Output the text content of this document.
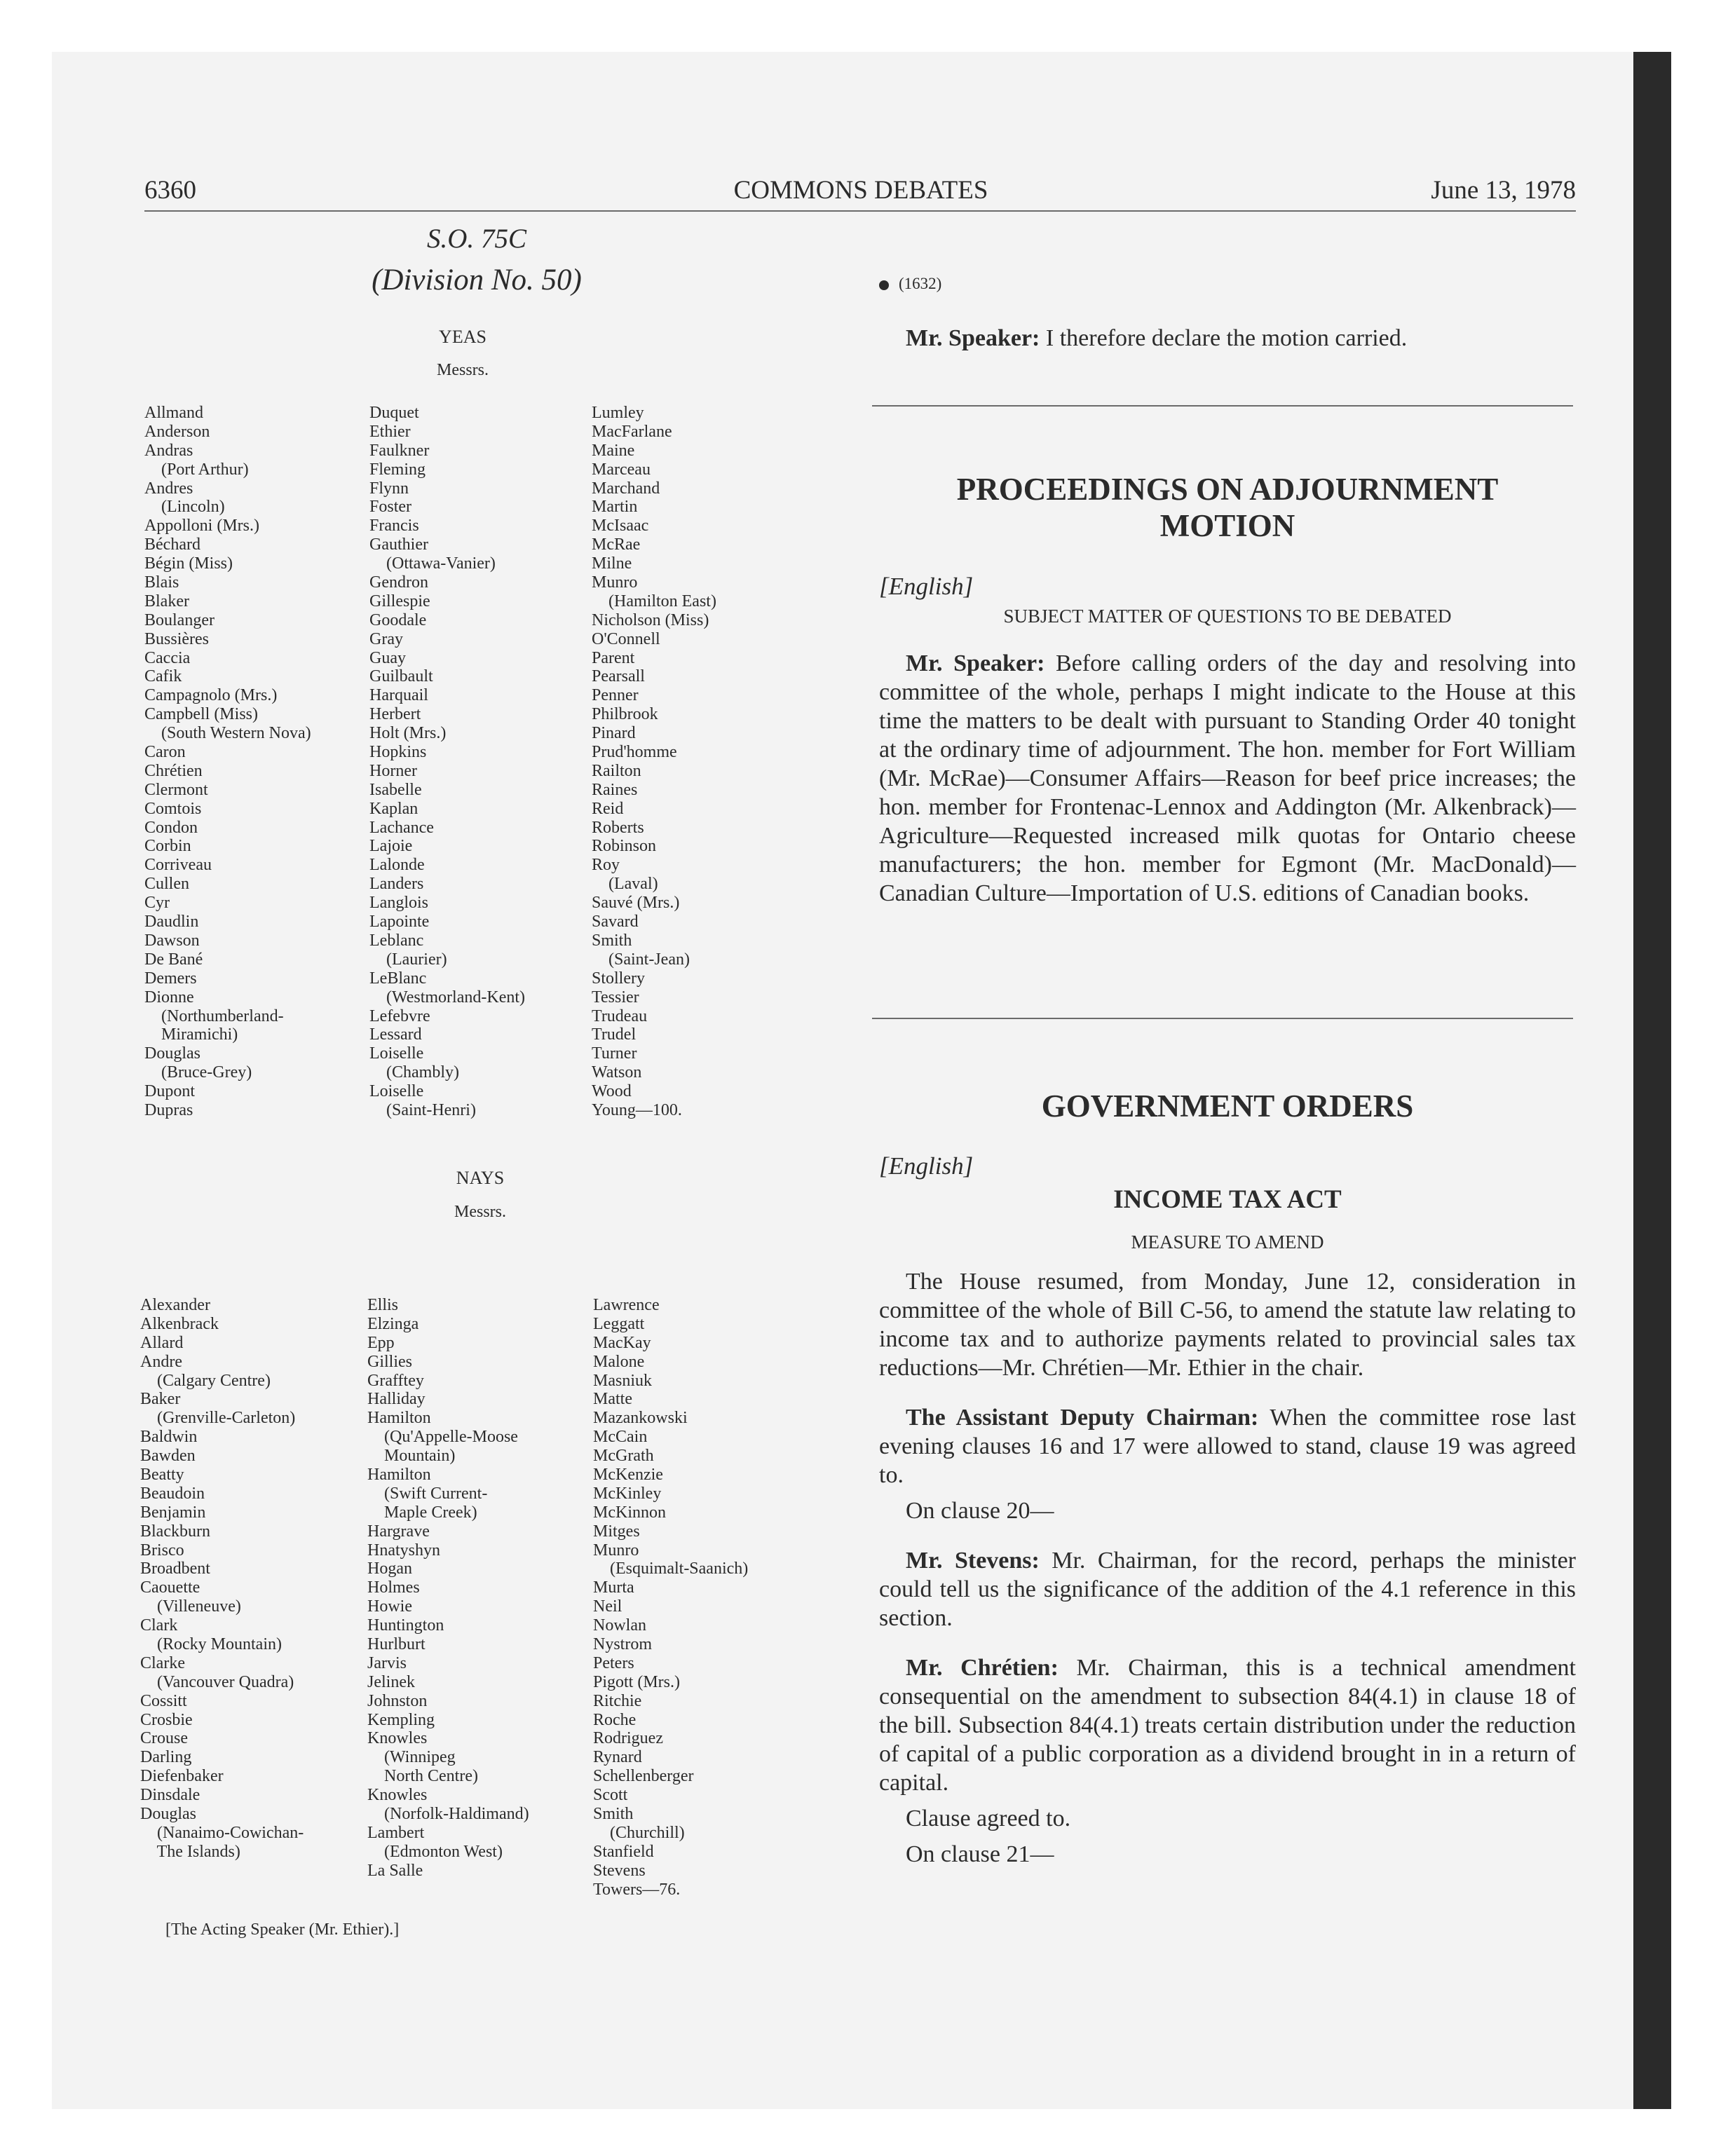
6360	COMMONS DEBATES	June 13, 1978
S.O. 75C
(Division No. 50)
YEAS
Messrs.
Allmand
Anderson
Andras
(Port Arthur)
Andres
(Lincoln)
Appolloni (Mrs.)
Béchard
Bégin (Miss)
Blais
Blaker
Boulanger
Bussières
Caccia
Cafik
Campagnolo (Mrs.)
Campbell (Miss)
(South Western Nova)
Caron
Chrétien
Clermont
Comtois
Condon
Corbin
Corriveau
Cullen
Cyr
Daudlin
Dawson
De Bané
Demers
Dionne
(Northumberland-
Miramichi)
Douglas
(Bruce-Grey)
Dupont
Dupras
Duquet
Ethier
Faulkner
Fleming
Flynn
Foster
Francis
Gauthier
(Ottawa-Vanier)
Gendron
Gillespie
Goodale
Gray
Guay
Guilbault
Harquail
Herbert
Holt (Mrs.)
Hopkins
Horner
Isabelle
Kaplan
Lachance
Lajoie
Lalonde
Landers
Langlois
Lapointe
Leblanc
(Laurier)
LeBlanc
(Westmorland-Kent)
Lefebvre
Lessard
Loiselle
(Chambly)
Loiselle
(Saint-Henri)
Lumley
MacFarlane
Maine
Marceau
Marchand
Martin
McIsaac
McRae
Milne
Munro
(Hamilton East)
Nicholson (Miss)
O'Connell
Parent
Pearsall
Penner
Philbrook
Pinard
Prud'homme
Railton
Raines
Reid
Roberts
Robinson
Roy
(Laval)
Sauvé (Mrs.)
Savard
Smith
(Saint-Jean)
Stollery
Tessier
Trudeau
Trudel
Turner
Watson
Wood
Young—100.
NAYS
Messrs.
Alexander
Alkenbrack
Allard
Andre
(Calgary Centre)
Baker
(Grenville-Carleton)
Baldwin
Bawden
Beatty
Beaudoin
Benjamin
Blackburn
Brisco
Broadbent
Caouette
(Villeneuve)
Clark
(Rocky Mountain)
Clarke
(Vancouver Quadra)
Cossitt
Crosbie
Crouse
Darling
Diefenbaker
Dinsdale
Douglas
(Nanaimo-Cowichan-
The Islands)
Ellis
Elzinga
Epp
Gillies
Grafftey
Halliday
Hamilton
(Qu'Appelle-Moose
Mountain)
Hamilton
(Swift Current-
Maple Creek)
Hargrave
Hnatyshyn
Hogan
Holmes
Howie
Huntington
Hurlburt
Jarvis
Jelinek
Johnston
Kempling
Knowles
(Winnipeg
North Centre)
Knowles
(Norfolk-Haldimand)
Lambert
(Edmonton West)
La Salle
Lawrence
Leggatt
MacKay
Malone
Masniuk
Matte
Mazankowski
McCain
McGrath
McKenzie
McKinley
McKinnon
Mitges
Munro
(Esquimalt-Saanich)
Murta
Neil
Nowlan
Nystrom
Peters
Pigott (Mrs.)
Ritchie
Roche
Rodriguez
Rynard
Schellenberger
Scott
Smith
(Churchill)
Stanfield
Stevens
Towers—76.
[The Acting Speaker (Mr. Ethier).]
(1632)

Mr. Speaker: I therefore declare the motion carried.

PROCEEDINGS ON ADJOURNMENT MOTION
[English]
SUBJECT MATTER OF QUESTIONS TO BE DEBATED

Mr. Speaker: Before calling orders of the day and resolving into committee of the whole, perhaps I might indicate to the House at this time the matters to be dealt with pursuant to Standing Order 40 tonight at the ordinary time of adjournment. The hon. member for Fort William (Mr. McRae)—Consumer Affairs—Reason for beef price increases; the hon. member for Frontenac-Lennox and Addington (Mr. Alkenbrack)—Agriculture—Requested increased milk quotas for Ontario cheese manufacturers; the hon. member for Egmont (Mr. MacDonald)—Canadian Culture—Importation of U.S. editions of Canadian books.

GOVERNMENT ORDERS
[English]
INCOME TAX ACT
MEASURE TO AMEND

The House resumed, from Monday, June 12, consideration in committee of the whole of Bill C-56, to amend the statute law relating to income tax and to authorize payments related to provincial sales tax reductions—Mr. Chrétien—Mr. Ethier in the chair.

The Assistant Deputy Chairman: When the committee rose last evening clauses 16 and 17 were allowed to stand, clause 19 was agreed to.

On clause 20—

Mr. Stevens: Mr. Chairman, for the record, perhaps the minister could tell us the significance of the addition of the 4.1 reference in this section.

Mr. Chrétien: Mr. Chairman, this is a technical amendment consequential on the amendment to subsection 84(4.1) in clause 18 of the bill. Subsection 84(4.1) treats certain distribution under the reduction of capital of a public corporation as a dividend brought in in a return of capital.

Clause agreed to.

On clause 21—
